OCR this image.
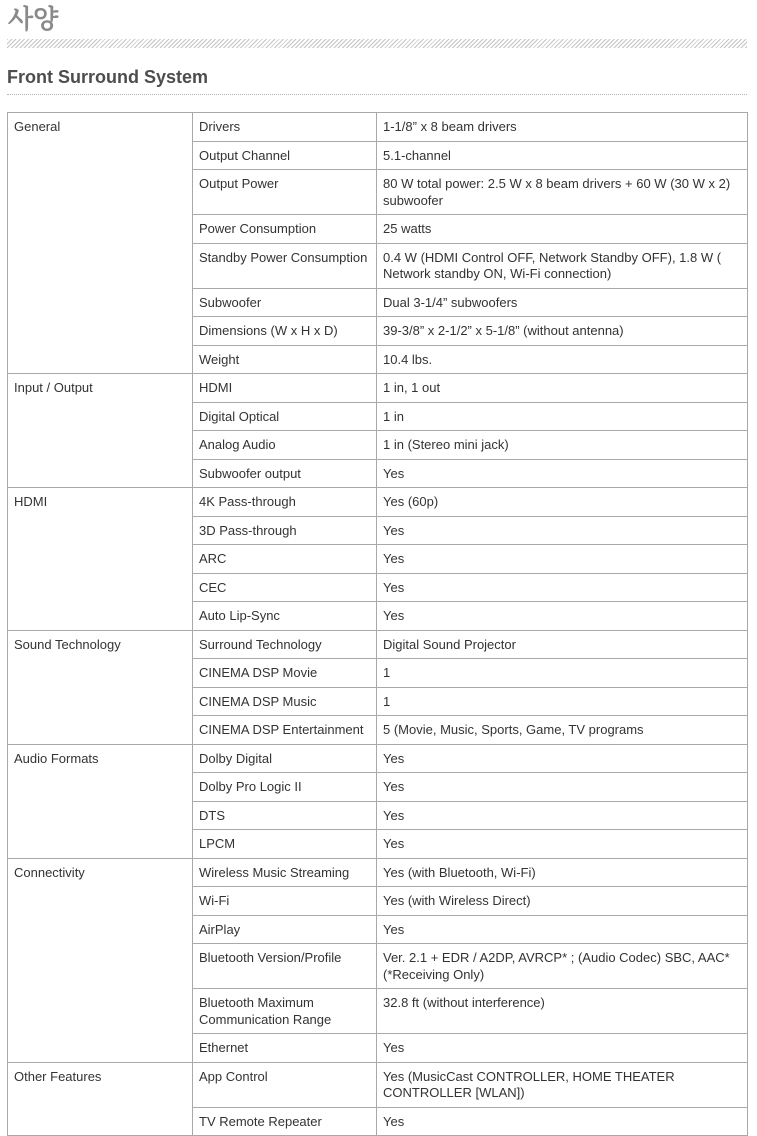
사양
Front Surround System
General	Drivers	1-1/8” x 8 beam drivers
	Output Channel	5.1-channel
	Output Power	80 W total power: 2.5 W x 8 beam drivers + 60 W (30 W x 2) subwoofer
	Power Consumption	25 watts
	Standby Power Consumption	0.4 W (HDMI Control OFF, Network Standby OFF), 1.8 W ( Network standby ON, Wi-Fi connection)
	Subwoofer	Dual 3-1/4” subwoofers
	Dimensions (W x H x D)	39-3/8” x 2-1/2” x 5-1/8” (without antenna)
	Weight	10.4 lbs.
Input / Output	HDMI	1 in, 1 out
	Digital Optical	1 in
	Analog Audio	1 in (Stereo mini jack)
	Subwoofer output	Yes
HDMI	4K Pass-through	Yes (60p)
	3D Pass-through	Yes
	ARC	Yes
	CEC	Yes
	Auto Lip-Sync	Yes
Sound Technology	Surround Technology	Digital Sound Projector
	CINEMA DSP Movie	1
	CINEMA DSP Music	1
	CINEMA DSP Entertainment	5 (Movie, Music, Sports, Game, TV programs
Audio Formats	Dolby Digital	Yes
	Dolby Pro Logic II	Yes
	DTS	Yes
	LPCM	Yes
Connectivity	Wireless Music Streaming	Yes (with Bluetooth, Wi-Fi)
	Wi-Fi	Yes (with Wireless Direct)
	AirPlay	Yes
	Bluetooth Version/Profile	Ver. 2.1 + EDR / A2DP, AVRCP* ; (Audio Codec) SBC, AAC* (*Receiving Only)
	Bluetooth Maximum Communication Range	32.8 ft (without interference)
	Ethernet	Yes
Other Features	App Control	Yes (MusicCast CONTROLLER, HOME THEATER CONTROLLER [WLAN])
	TV Remote Repeater	Yes
